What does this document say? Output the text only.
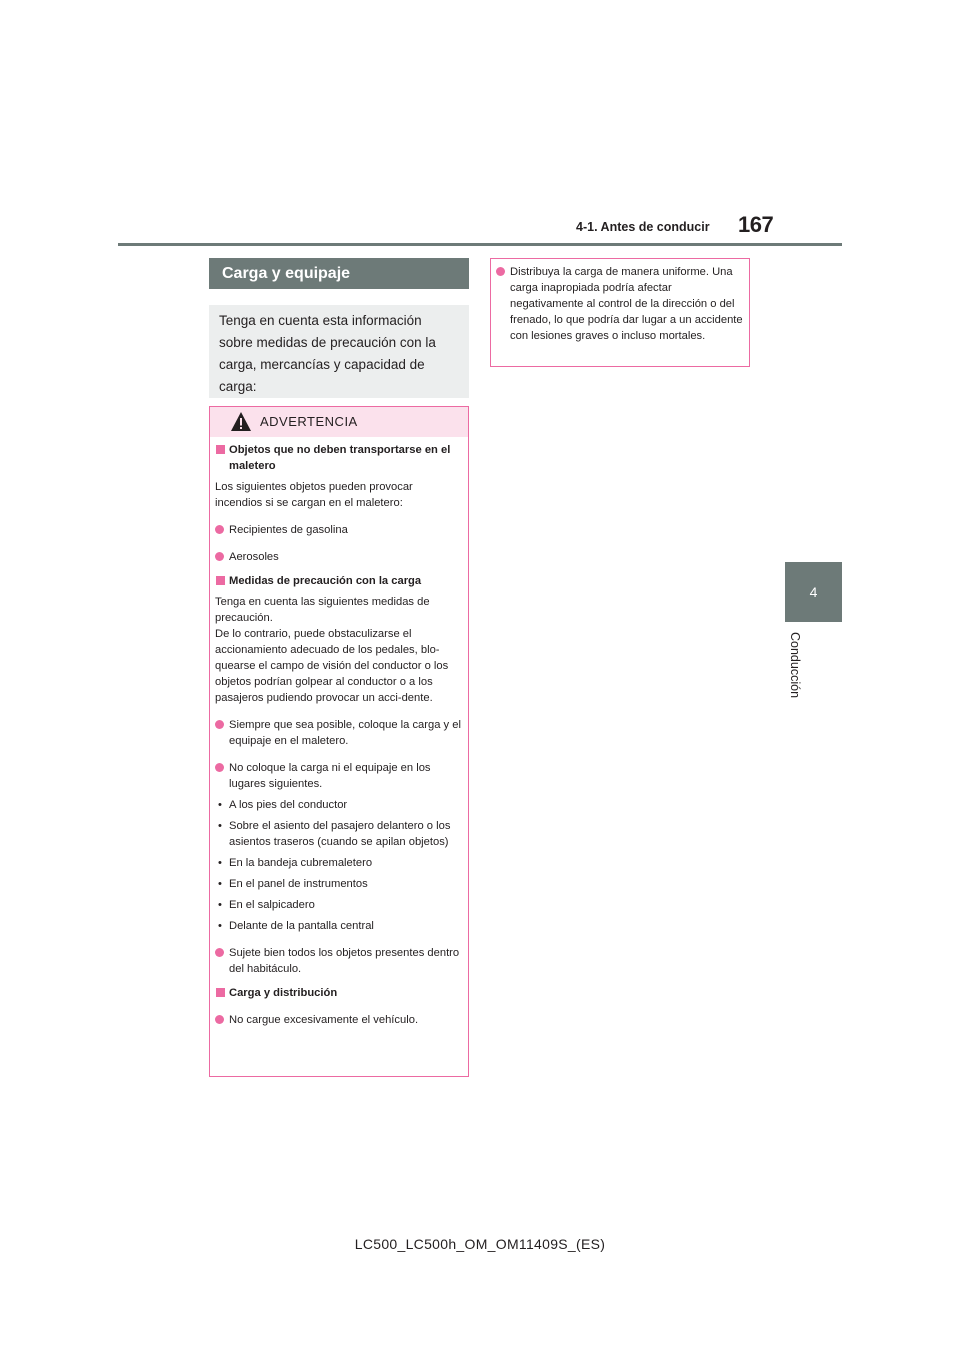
167
4-1. Antes de conducir
4
Conducción
Carga y equipaje
Tenga en cuenta esta información sobre medidas de precaución con la carga, mercancías y capacidad de carga:
ADVERTENCIA
Objetos que no deben transportarse en el maletero
Los siguientes objetos pueden provocar incendios si se cargan en el maletero:
Recipientes de gasolina
Aerosoles
Medidas de precaución con la carga
Tenga en cuenta las siguientes medidas de precaución.
De lo contrario, puede obstaculizarse el accionamiento adecuado de los pedales, blo-quearse el campo de visión del conductor o los objetos podrían golpear al conductor o a los pasajeros pudiendo provocar un acci-dente.
Siempre que sea posible, coloque la carga y el equipaje en el maletero.
No coloque la carga ni el equipaje en los lugares siguientes.
• A los pies del conductor
• Sobre el asiento del pasajero delantero o los asientos traseros (cuando se apilan objetos)
• En la bandeja cubremaletero
• En el panel de instrumentos
• En el salpicadero
• Delante de la pantalla central
Sujete bien todos los objetos presentes dentro del habitáculo.
Carga y distribución
No cargue excesivamente el vehículo.
Distribuya la carga de manera uniforme. Una carga inapropiada podría afectar negativamente al control de la dirección o del frenado, lo que podría dar lugar a un accidente con lesiones graves o incluso mortales.
LC500_LC500h_OM_OM11409S_(ES)
